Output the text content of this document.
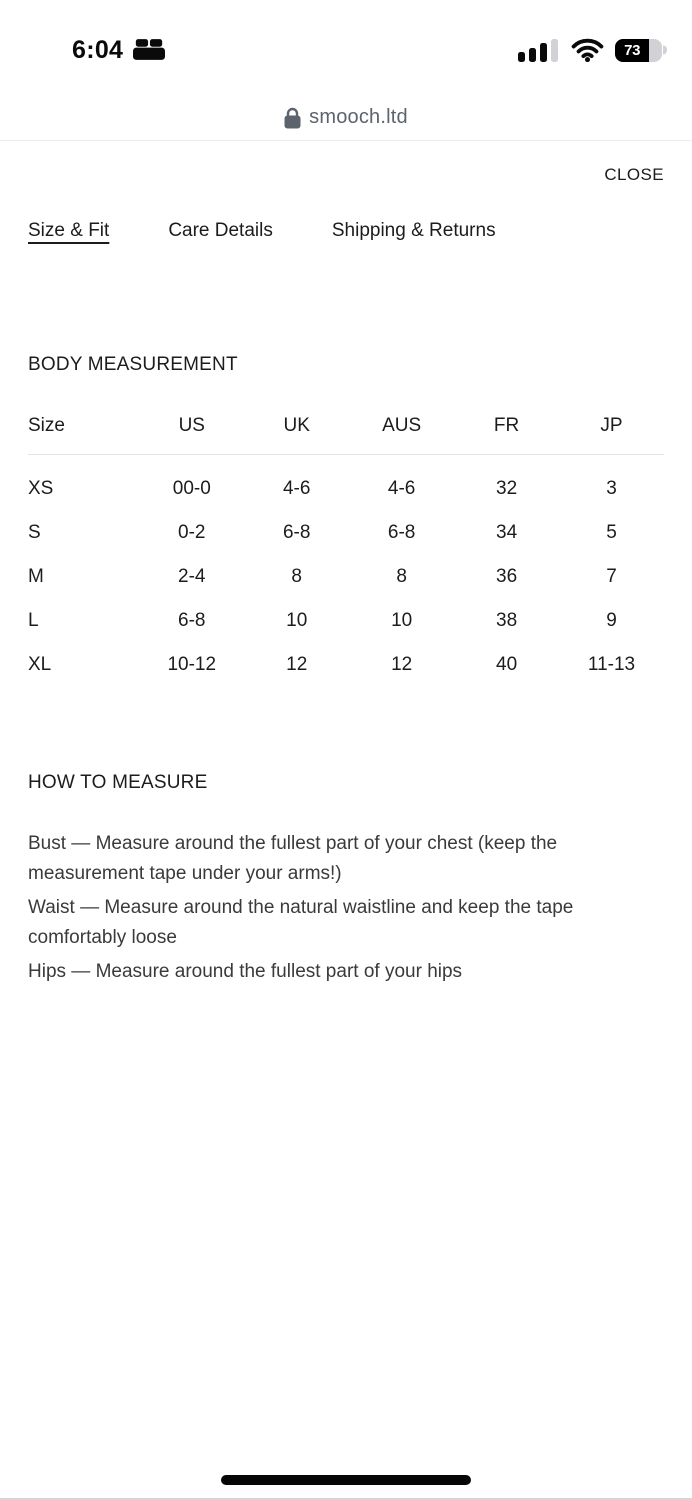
6:04	73
smooch.ltd
CLOSE
Size & Fit	Care Details	Shipping & Returns
BODY MEASUREMENT
Size	US	UK	AUS	FR	JP
XS	00-0	4-6	4-6	32	3
S	0-2	6-8	6-8	34	5
M	2-4	8	8	36	7
L	6-8	10	10	38	9
XL	10-12	12	12	40	11-13
HOW TO MEASURE

Bust — Measure around the fullest part of your chest (keep the measurement tape under your arms!)

Waist — Measure around the natural waistline and keep the tape comfortably loose

Hips — Measure around the fullest part of your hips
